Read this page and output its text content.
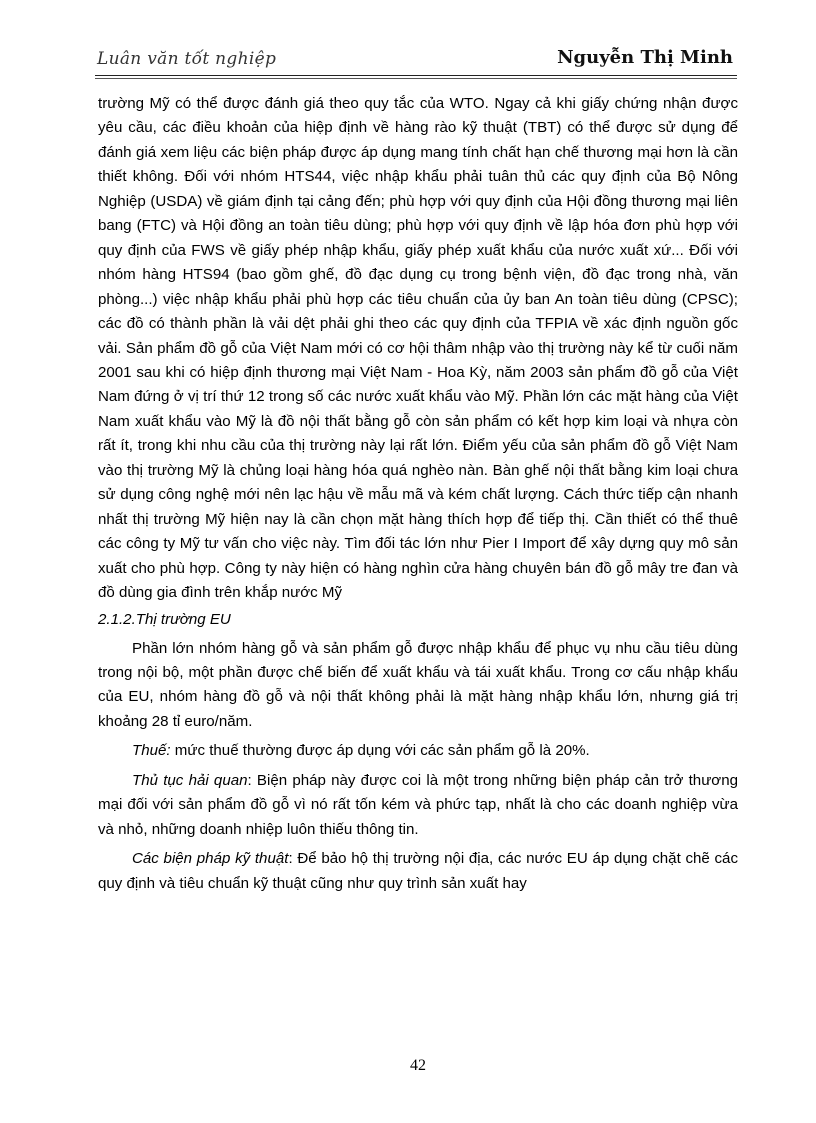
Luân văn tốt nghiệp	Nguyễn Thị Minh

trường Mỹ có thể được đánh giá theo quy tắc của WTO. Ngay cả khi giấy chứng nhận được yêu cầu, các điều khoản của hiệp định về hàng rào kỹ thuật (TBT) có thể được sử dụng để đánh giá xem liệu các biện pháp được áp dụng mang tính chất hạn chế thương mại hơn là cần thiết không. Đối với nhóm HTS44, việc nhập khẩu phải tuân thủ các quy định của Bộ Nông Nghiệp (USDA) về giám định tại cảng đến; phù hợp với quy định của Hội đồng thương mại liên bang (FTC) và Hội đồng an toàn tiêu dùng; phù hợp với quy định về lập hóa đơn phù hợp với quy định của FWS về giấy phép nhập khẩu, giấy phép xuất khẩu của nước xuất xứ... Đối với nhóm hàng HTS94 (bao gồm ghế, đồ đạc dụng cụ trong bệnh viện, đồ đạc trong nhà, văn phòng...) việc nhập khẩu phải phù hợp các tiêu chuẩn của ủy ban An toàn tiêu dùng (CPSC); các đồ có thành phần là vải dệt phải ghi theo các quy định của TFPIA về xác định nguồn gốc vải. Sản phẩm đồ gỗ của Việt Nam mới có cơ hội thâm nhập vào thị trường này kể từ cuối năm 2001 sau khi có hiệp định thương mại Việt Nam - Hoa Kỳ, năm 2003 sản phẩm đồ gỗ của Việt Nam đứng ở vị trí thứ 12 trong số các nước xuất khẩu vào Mỹ. Phần lớn các mặt hàng của Việt Nam xuất khẩu vào Mỹ là đồ nội thất bằng gỗ còn sản phẩm có kết hợp kim loại và nhựa còn rất ít, trong khi nhu cầu của thị trường này lại rất lớn. Điểm yếu của sản phẩm đồ gỗ Việt Nam vào thị trường Mỹ là chủng loại hàng hóa quá nghèo nàn. Bàn ghế nội thất bằng kim loại chưa sử dụng công nghệ mới nên lạc hậu về mẫu mã và kém chất lượng. Cách thức tiếp cận nhanh nhất thị trường Mỹ hiện nay là cần chọn mặt hàng thích hợp để tiếp thị. Cần thiết có thể thuê các công ty Mỹ tư vấn cho việc này. Tìm đối tác lớn như Pier I Import để xây dựng quy mô sản xuất cho phù hợp. Công ty này hiện có hàng nghìn cửa hàng chuyên bán đồ gỗ mây tre đan và đồ dùng gia đình trên khắp nước Mỹ

2.1.2.Thị trường EU

Phần lớn nhóm hàng gỗ và sản phẩm gỗ được nhập khẩu để phục vụ nhu cầu tiêu dùng trong nội bộ, một phần được chế biến để xuất khẩu và tái xuất khẩu. Trong cơ cấu nhập khẩu của EU, nhóm hàng đồ gỗ và nội thất không phải là mặt hàng nhập khẩu lớn, nhưng giá trị khoảng 28 tỉ euro/năm.

Thuế: mức thuế thường được áp dụng với các sản phẩm gỗ là 20%.

Thủ tục hải quan: Biện pháp này được coi là một trong những biện pháp cản trở thương mại đối với sản phẩm đồ gỗ vì nó rất tốn kém và phức tạp, nhất là cho các doanh nghiệp vừa và nhỏ, những doanh nhiệp luôn thiếu thông tin.

Các biện pháp kỹ thuật: Để bảo hộ thị trường nội địa, các nước EU áp dụng chặt chẽ các quy định và tiêu chuẩn kỹ thuật cũng như quy trình sản xuất hay

42
